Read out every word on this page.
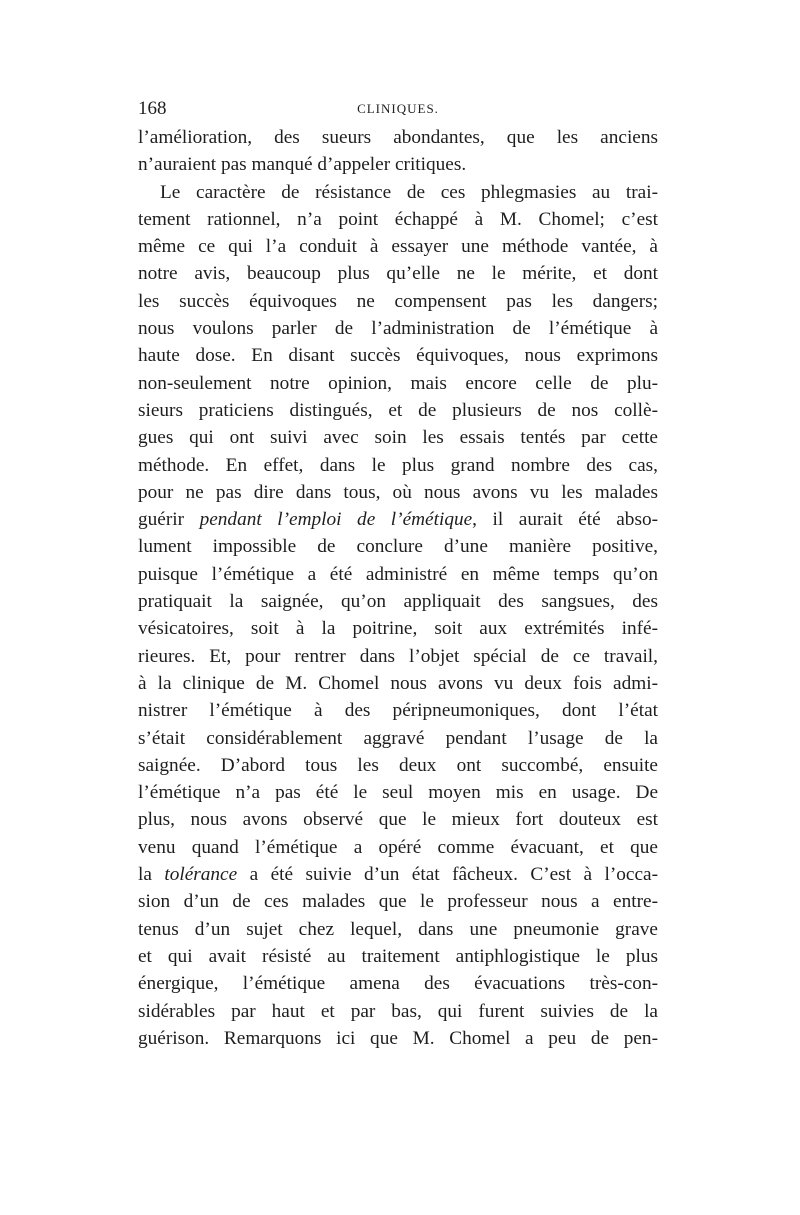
168	CLINIQUES.
l’amélioration, des sueurs abondantes, que les anciens
n’auraient pas manqué d’appeler critiques.
Le caractère de résistance de ces phlegmasies au trai-
tement rationnel, n’a point échappé à M. Chomel; c’est
même ce qui l’a conduit à essayer une méthode vantée, à
notre avis, beaucoup plus qu’elle ne le mérite, et dont
les succès équivoques ne compensent pas les dangers;
nous voulons parler de l’administration de l’émétique à
haute dose. En disant succès équivoques, nous exprimons
non-seulement notre opinion, mais encore celle de plu-
sieurs praticiens distingués, et de plusieurs de nos collè-
gues qui ont suivi avec soin les essais tentés par cette
méthode. En effet, dans le plus grand nombre des cas,
pour ne pas dire dans tous, où nous avons vu les malades
guérir pendant l’emploi de l’émétique, il aurait été abso-
lument impossible de conclure d’une manière positive,
puisque l’émétique a été administré en même temps qu’on
pratiquait la saignée, qu’on appliquait des sangsues, des
vésicatoires, soit à la poitrine, soit aux extrémités infé-
rieures. Et, pour rentrer dans l’objet spécial de ce travail,
à la clinique de M. Chomel nous avons vu deux fois admi-
nistrer l’émétique à des péripneumoniques, dont l’état
s’était considérablement aggravé pendant l’usage de la
saignée. D’abord tous les deux ont succombé, ensuite
l’émétique n’a pas été le seul moyen mis en usage. De
plus, nous avons observé que le mieux fort douteux est
venu quand l’émétique a opéré comme évacuant, et que
la tolérance a été suivie d’un état fâcheux. C’est à l’occa-
sion d’un de ces malades que le professeur nous a entre-
tenus d’un sujet chez lequel, dans une pneumonie grave
et qui avait résisté au traitement antiphlogistique le plus
énergique, l’émétique amena des évacuations très-con-
sidérables par haut et par bas, qui furent suivies de la
guérison. Remarquons ici que M. Chomel a peu de pen-
